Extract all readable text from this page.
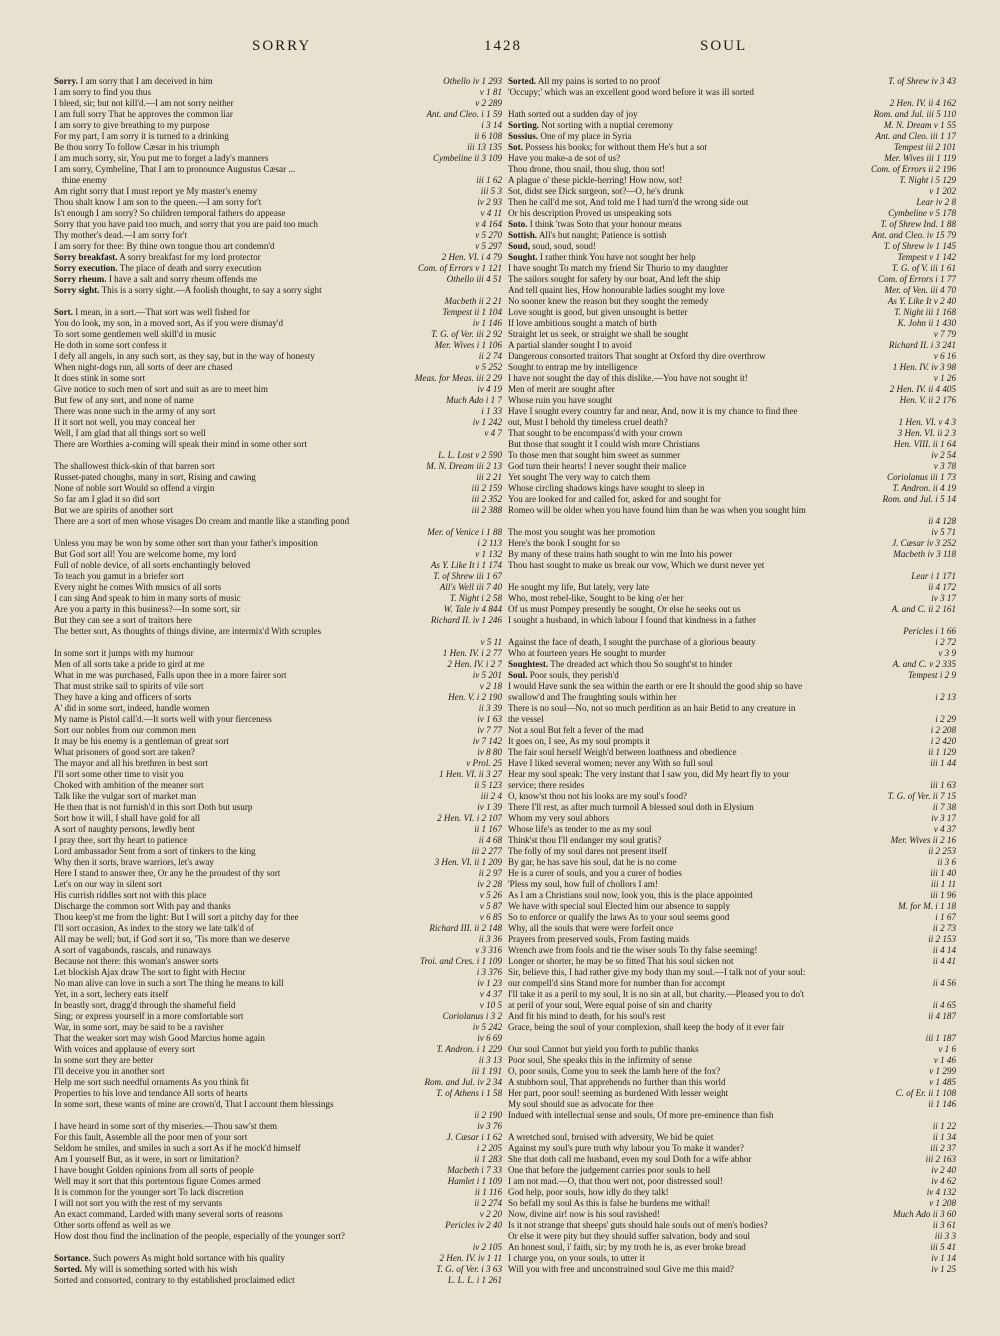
SORRY	1428	SOUL
Sorry. I am sorry that I am deceived in him	Othello iv 1 293
I am sorry to find you thus	v 1 81
I bleed, sir; but not kill'd.—I am not sorry neither	v 2 289
I am full sorry That he approves the common liar	Ant. and Cleo. i 1 59
I am sorry to give breathing to my purpose	i 3 14
For my part, I am sorry it is turned to a drinking	ii 6 108
Be thou sorry To follow Cæsar in his triumph	iii 13 135
I am much sorry, sir, You put me to forget a lady's manners	Cymbeline ii 3 109
I am sorry, Cymbeline, That I am to pronounce Augustus Cæsar ...
thine enemy	iii 1 62
Am right sorry that I must report ye My master's enemy	iii 5 3
Thou shalt know I am son to the queen.—I am sorry for't	iv 2 93
Is't enough I am sorry? So children temporal fathers do appease	v 4 11
Sorry that you have paid too much, and sorry that you are paid too much	v 4 164
Thy mother's dead.—I am sorry for't	v 5 270
I am sorry for thee: By thine own tongue thou art condemn'd	v 5 297
Sorry breakfast. A sorry breakfast for my lord protector	2 Hen. VI. i 4 79
Sorry execution. The place of death and sorry execution	Com. of Errors v 1 121
Sorry rheum. I have a salt and sorry rheum offends me	Othello iii 4 51
Sorry sight. This is a sorry sight.—A foolish thought, to say a sorry sight
Macbeth ii 2 21
Sort. I mean, in a sort.—That sort was well fished for	Tempest ii 1 104
You do look, my son, in a moved sort, As if you were dismay'd	iv 1 146
To sort some gentlemen well skill'd in music	T. G. of Ver. iii 2 92
He doth in some sort confess it	Mer. Wives i 1 106
I defy all angels, in any such sort, as they say, but in the way of honesty	ii 2 74
When night-dogs run, all sorts of deer are chased	v 5 252
It does stink in some sort	Meas. for Meas. iii 2 29
Give notice to such men of sort and suit as are to meet him	iv 4 19
But few of any sort, and none of name	Much Ado i 1 7
There was none such in the army of any sort	i 1 33
If it sort not well, you may conceal her	iv 1 242
Well, I am glad that all things sort so well	v 4 7
There are Worthies a-coming will speak their mind in some other sort
L. L. Lost v 2 590
The shallowest thick-skin of that barren sort	M. N. Dream iii 2 13
Russet-pated choughs, many in sort, Rising and cawing	iii 2 21
None of noble sort Would so offend a virgin	iii 2 159
So far am I glad it so did sort	iii 2 352
But we are spirits of another sort	iii 2 388
There are a sort of men whose visages Do cream and mantle like a standing pond
Mer. of Venice i 1 88
Unless you may be won by some other sort than your father's imposition	i 2 113
But God sort all! You are welcome home, my lord	v 1 132
Full of noble device, of all sorts enchantingly beloved	As Y. Like It i 1 174
To teach you gamut in a briefer sort	T. of Shrew iii 1 67
Every night he comes With musics of all sorts	All's Well iii 7 40
I can sing And speak to him in many sorts of music	T. Night i 2 58
Are you a party in this business?—In some sort, sir	W. Tale iv 4 844
But they can see a sort of traitors here	Richard II. iv 1 246
The better sort, As thoughts of things divine, are intermix'd With scruples
v 5 11
In some sort it jumps with my humour	1 Hen. IV. i 2 77
Men of all sorts take a pride to gird at me	2 Hen. IV. i 2 7
What in me was purchased, Falls upon thee in a more fairer sort	iv 5 201
That must strike sail to spirits of vile sort	v 2 18
They have a king and officers of sorts	Hen. V. i 2 190
A' did in some sort, indeed, handle women	ii 3 39
My name is Pistol call'd.—It sorts well with your fierceness	iv 1 63
Sort our nobles from our common men	iv 7 77
It may be his enemy is a gentleman of great sort	iv 7 142
What prisoners of good sort are taken?	iv 8 80
The mayor and all his brethren in best sort	v Prol. 25
I'll sort some other time to visit you	1 Hen. VI. ii 3 27
Choked with ambition of the meaner sort	ii 5 123
Talk like the vulgar sort of market man	iii 2 4
He then that is not furnish'd in this sort Doth but usurp	iv 1 39
Sort how it will, I shall have gold for all	2 Hen. VI. i 2 107
A sort of naughty persons, lewdly bent	ii 1 167
I pray thee, sort thy heart to patience	ii 4 68
Lord ambassador Sent from a sort of tinkers to the king	iii 2 277
Why then it sorts, brave warriors, let's away	3 Hen. VI. ii 1 209
Here I stand to answer thee, Or any he the proudest of thy sort	ii 2 97
Let's on our way in silent sort	iv 2 28
His currish riddles sort not with this place	v 5 26
Discharge the common sort With pay and thanks	v 5 87
Thou keep'st me from the light: But I will sort a pitchy day for thee	v 6 85
I'll sort occasion, As index to the story we late talk'd of	Richard III. ii 2 148
All may be well; but, if God sort it so, 'Tis more than we deserve	ii 3 36
A sort of vagabonds, rascals, and runaways	v 3 316
Because not there: this woman's answer sorts	Troi. and Cres. i 1 109
Let blockish Ajax draw The sort to fight with Hector	i 3 376
No man alive can love in such a sort The thing he means to kill	iv 1 23
Yet, in a sort, lechery eats itself	v 4 37
In beastly sort, dragg'd through the shameful field	v 10 5
Sing; or express yourself in a more comfortable sort	Coriolanus i 3 2
War, in some sort, may be said to be a ravisher	iv 5 242
That the weaker sort may wish Good Marcius home again	iv 6 69
With voices and applause of every sort	T. Andron. i 1 229
In some sort they are better	ii 3 13
I'll deceive you in another sort	iii 1 191
Help me sort such needful ornaments As you think fit	Rom. and Jul. iv 2 34
Properties to his love and tendance All sorts of hearts	T. of Athens i 1 58
In some sort, these wants of mine are crown'd, That I account them blessings
ii 2 190
I have heard in some sort of thy miseries.—Thou saw'st them	iv 3 76
For this fault, Assemble all the poor men of your sort	J. Cæsar i 1 62
Seldom he smiles, and smiles in such a sort As if he mock'd himself	i 2 205
Am I yourself But, as it were, in sort or limitation?	ii 1 283
I have bought Golden opinions from all sorts of people	Macbeth i 7 33
Well may it sort that this portentous figure Comes armed	Hamlet i 1 109
It is common for the younger sort To lack discretion	ii 1 116
I will not sort you with the rest of my servants	ii 2 274
An exact command, Larded with many several sorts of reasons	v 2 20
Other sorts offend as well as we	Pericles iv 2 40
How dost thou find the inclination of the people, especially of the younger sort?
iv 2 105
Sortance. Such powers As might hold sortance with his quality	2 Hen. IV. iv 1 11
Sorted. My will is something sorted with his wish	T. G. of Ver. i 3 63
Sorted and consorted, contrary to thy established proclaimed edict	L. L. L. i 1 261
Sorted. All my pains is sorted to no proof	T. of Shrew iv 3 43
'Occupy;' which was an excellent good word before it was ill sorted
2 Hen. IV. ii 4 162
Hath sorted out a sudden day of joy	Rom. and Jul. iii 5 110
Sorting. Not sorting with a nuptial ceremony	M. N. Dream v 1 55
Sossius. One of my place in Syria	Ant. and Cleo. iii 1 17
Sot. Possess his books; for without them He's but a sot	Tempest iii 2 101
Have you make-a de sot of us?	Mer. Wives iii 1 119
Thou drone, thou snail, thou slug, thou sot!	Com. of Errors ii 2 196
A plague o' these pickle-herring! How now, sot!	T. Night i 5 129
Sot, didst see Dick surgeon, sot?—O, he's drunk	v 1 202
Then he call'd me sot, And told me I had turn'd the wrong side out	Lear iv 2 8
Or his description Proved us unspeaking sots	Cymbeline v 5 178
Soto. I think 'twas Soto that your honour means	T. of Shrew Ind. 1 88
Sottish. All's but naught; Patience is sottish	Ant. and Cleo. iv 15 79
Soud, soud, soud, soud!	T. of Shrew iv 1 145
Sought. I rather think You have not sought her help	Tempest v 1 142
I have sought To match my friend Sir Thurio to my daughter	T. G. of V. iii 1 61
The sailors sought for safety by our boat, And left the ship	Com. of Errors i 1 77
And tell quaint lies, How honourable ladies sought my love	Mer. of Ven. iii 4 70
No sooner knew the reason but they sought the remedy	As Y. Like It v 2 40
Love sought is good, but given unsought is better	T. Night iii 1 168
If love ambitious sought a match of birth	K. John ii 1 430
Straight let us seek, or straight we shall be sought	v 7 79
A partial slander sought I to avoid	Richard II. i 3 241
Dangerous consorted traitors That sought at Oxford thy dire overthrow	v 6 16
Sought to entrap me by intelligence	1 Hen. IV. iv 3 98
I have not sought the day of this dislike.—You have not sought it!	v 1 26
Men of merit are sought after	2 Hen. IV. ii 4 405
Whose ruin you have sought	Hen. V. ii 2 176
Have I sought every country far and near, And, now it is my chance to find thee out, Must I behold thy timeless cruel death?	1 Hen. VI. v 4 3
That sought to be encompass'd with your crown	3 Hen. VI. ii 2 3
But those that sought it I could wish more Christians	Hen. VIII. ii 1 64
To those men that sought him sweet as summer	iv 2 54
God turn their hearts! I never sought their malice	v 3 78
Yet sought The very way to catch them	Coriolanus iii 1 73
Whose circling shadows kings have sought to sleep in	T. Andron. ii 4 19
You are looked for and called for, asked for and sought for	Rom. and Jul. i 5 14
Romeo will be older when you have found him than he was when you sought him
ii 4 128
The most you sought was her promotion	iv 5 71
Here's the book I sought for so	J. Cæsar iv 3 252
By many of these trains hath sought to win me Into his power	Macbeth iv 3 118
Thou hast sought to make us break our vow, Which we durst never yet
Lear i 1 171
He sought my life, But lately, very late	ii 4 172
Who, most rebel-like, Sought to be king o'er her	iv 3 17
Of us must Pompey presently be sought, Or else he seeks out us	A. and C. ii 2 161
I sought a husband, in which labour I found that kindness in a father
Pericles i 1 66
Against the face of death, I sought the purchase of a glorious beauty	i 2 72
Who at fourteen years He sought to murder	v 3 9
Soughtest. The dreaded act which thou So sought'st to hinder	A. and C. v 2 335
Soul. Poor souls, they perish'd	Tempest i 2 9
I would Have sunk the sea within the earth or ere It should the good ship so have swallow'd and The fraughting souls within her	i 2 13
There is no soul—No, not so much perdition as an hair Betid to any creature in the vessel	i 2 29
Not a soul But felt a fever of the mad	i 2 208
It goes on, I see, As my soul prompts it	i 2 420
The fair soul herself Weigh'd between loathness and obedience	ii 1 129
Have I liked several women; never any With so full soul	iii 1 44
Hear my soul speak: The very instant that I saw you, did My heart fly to your service; there resides	iii 1 63
O, know'st thou not his looks are my soul's food?	T. G. of Ver. ii 7 15
There I'll rest, as after much turmoil A blessed soul doth in Elysium	ii 7 38
Whom my very soul abhors	iv 3 17
Whose life's as tender to me as my soul	v 4 37
Think'st thou I'll endanger my soul gratis?	Mer. Wives ii 2 16
The folly of my soul dares not present itself	ii 2 253
By gar, he has save his soul, dat he is no come	ii 3 6
He is a curer of souls, and you a curer of bodies	iii 1 40
'Pless my soul, how full of chollors I am!	iii 1 11
As I am a Christians soul now, look you, this is the place appointed	iii 1 96
We have with special soul Elected him our absence to supply	M. for M. i 1 18
So to enforce or qualify the laws As to your soul seems good	i 1 67
Why, all the souls that were were forfeit once	ii 2 73
Prayers from preserved souls, From fasting maids	ii 2 153
Wrench awe from fools and tie the wiser souls To thy false seeming!	ii 4 14
Longer or shorter, he may be so fitted That his soul sicken not	ii 4 41
Sir, believe this, I had rather give my body than my soul.—I talk not of your soul: our compell'd sins Stand more for number than for accompt	ii 4 56
I'll take it as a peril to my soul, It is no sin at all, but charity.—Pleased you to do't at peril of your soul, Were equal poise of sin and charity	ii 4 65
And fit his mind to death, for his soul's rest	ii 4 187
Grace, being the soul of your complexion, shall keep the body of it ever fair
iii 1 187
Our soul Cannot but yield you forth to public thanks	v 1 6
Poor soul, She speaks this in the infirmity of sense	v 1 46
O, poor souls, Come you to seek the lamb here of the fox?	v 1 299
A stubborn soul, That apprehends no further than this world	v 1 485
Her part, poor soul! seeming as burdened With lesser weight	C. of Er. ii 1 108
My soul should sue as advocate for thee	ii 1 146
Indued with intellectual sense and souls, Of more pre-eminence than fish
ii 1 22
A wretched soul, bruised with adversity, We bid be quiet	ii 1 34
Against my soul's pure truth why labour you To make it wander?	iii 2 37
She that doth call me husband, even my soul Doth for a wife abhor	iii 2 163
One that before the judgement carries poor souls to hell	iv 2 40
I am not mad.—O, that thou wert not, poor distressed soul!	iv 4 62
God help, poor souls, how idly do they talk!	iv 4 132
So befall my soul As this is false he burdens me withal!	v 1 208
Now, divine air! now is his soul ravished!	Much Ado ii 3 60
Is it not strange that sheeps' guts should hale souls out of men's bodies?	ii 3 61
Or else it were pity but they should suffer salvation, body and soul	iii 3 3
An honest soul, i' faith, sir; by my troth he is, as ever broke bread	iii 5 41
I charge you, on your souls, to utter it	iv 1 14
Will you with free and unconstrained soul Give me this maid?	iv 1 25
